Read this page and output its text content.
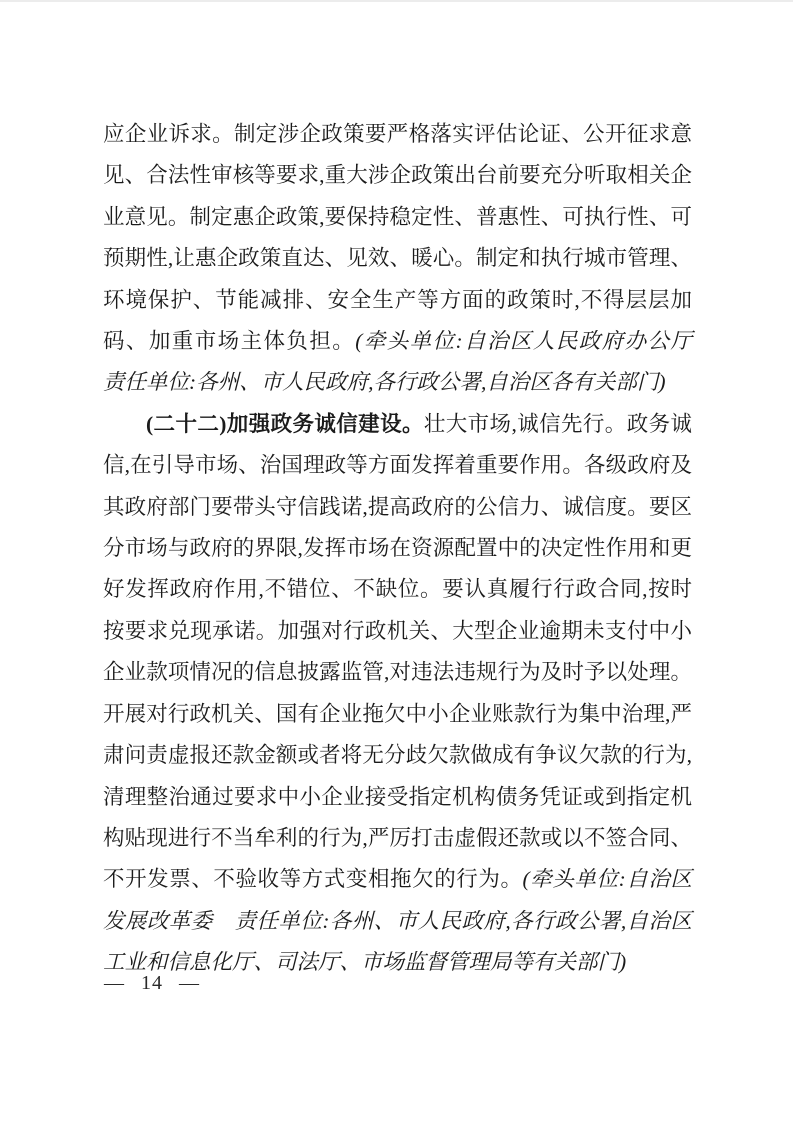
应企业诉求。制定涉企政策要严格落实评估论证、公开征求意见、合法性审核等要求,重大涉企政策出台前要充分听取相关企业意见。制定惠企政策,要保持稳定性、普惠性、可执行性、可预期性,让惠企政策直达、见效、暖心。制定和执行城市管理、环境保护、节能减排、安全生产等方面的政策时,不得层层加码、加重市场主体负担。(牵头单位:自治区人民政府办公厅　责任单位:各州、市人民政府,各行政公署,自治区各有关部门)

(二十二)加强政务诚信建设。壮大市场,诚信先行。政务诚信,在引导市场、治国理政等方面发挥着重要作用。各级政府及其政府部门要带头守信践诺,提高政府的公信力、诚信度。要区分市场与政府的界限,发挥市场在资源配置中的决定性作用和更好发挥政府作用,不错位、不缺位。要认真履行行政合同,按时按要求兑现承诺。加强对行政机关、大型企业逾期未支付中小企业款项情况的信息披露监管,对违法违规行为及时予以处理。开展对行政机关、国有企业拖欠中小企业账款行为集中治理,严肃问责虚报还款金额或者将无分歧欠款做成有争议欠款的行为,清理整治通过要求中小企业接受指定机构债务凭证或到指定机构贴现进行不当牟利的行为,严厉打击虚假还款或以不签合同、不开发票、不验收等方式变相拖欠的行为。(牵头单位:自治区发展改革委　责任单位:各州、市人民政府,各行政公署,自治区工业和信息化厅、司法厅、市场监督管理局等有关部门)

— 14 —
